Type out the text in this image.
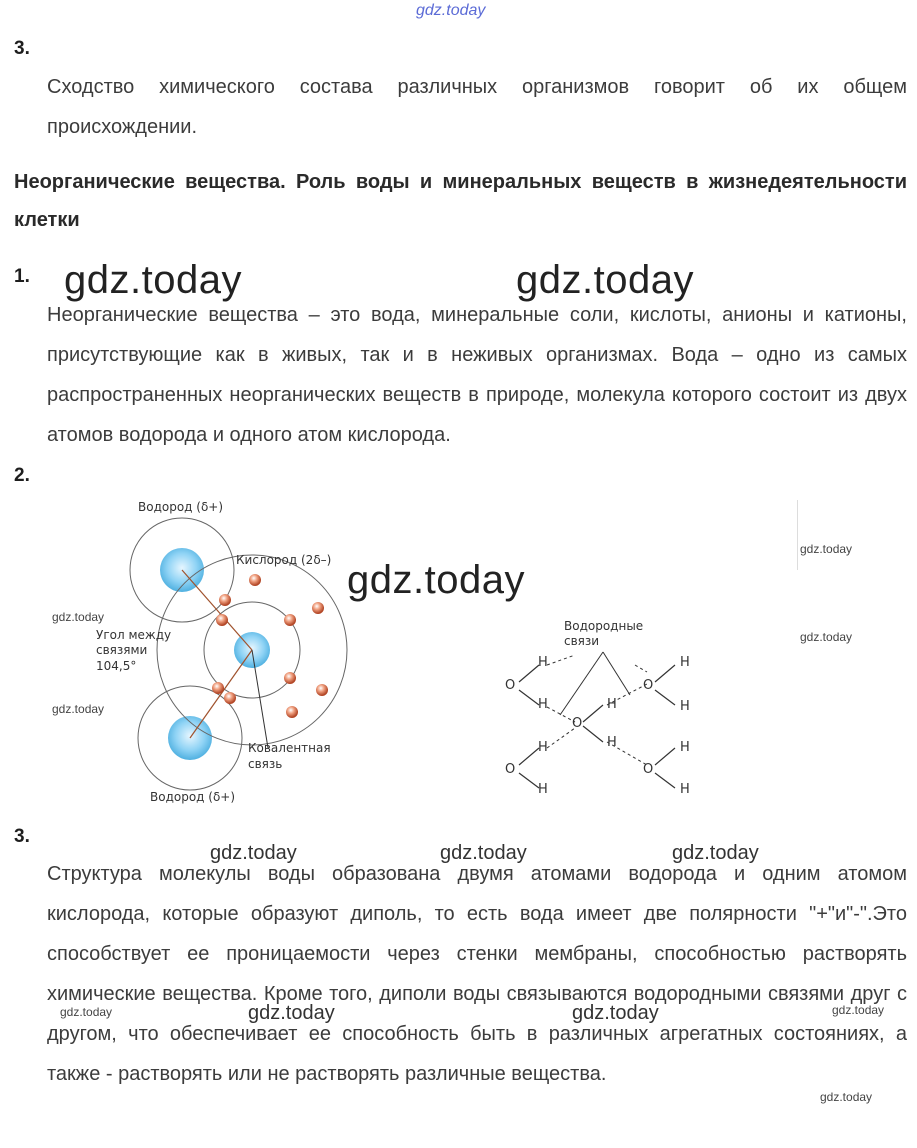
gdz.today
3.
Сходство химического состава различных организмов говорит об их общем происхождении.
Неорганические вещества. Роль воды и минеральных веществ в жизнедеятельности клетки
1. gdz.today	gdz.today
Неорганические вещества – это вода, минеральные соли, кислоты, анионы и катионы, присутствующие как в живых, так и в неживых организмах. Вода – одно из самых распространенных неорганических веществ в природе, молекула которого состоит из двух атомов водорода и одного атом кислорода.
2.
Водород (δ+)
Кислород (2δ–)
Угол между
связями
104,5°
Ковалентная
связь
Водород (δ+)
Водородные
связи
H
O
H
H
O
H
H
O
H
H
O
H
H
O
H
gdz.today
gdz.today
gdz.today
gdz.today
gdz.today
3.
gdz.today	gdz.today	gdz.today
Структура молекулы воды образована двумя атомами водорода и одним атомом кислорода, которые образуют диполь, то есть вода имеет две полярности "+"и"-".Это способствует ее проницаемости через стенки мембраны, способностью растворять химические вещества. Кроме того, диполи воды связываются водородными связями друг с другом, что обеспечивает ее способность быть в различных агрегатных состояниях, а также - растворять или не растворять различные вещества.
gdz.today	gdz.today	gdz.today	gdz.today
gdz.today
